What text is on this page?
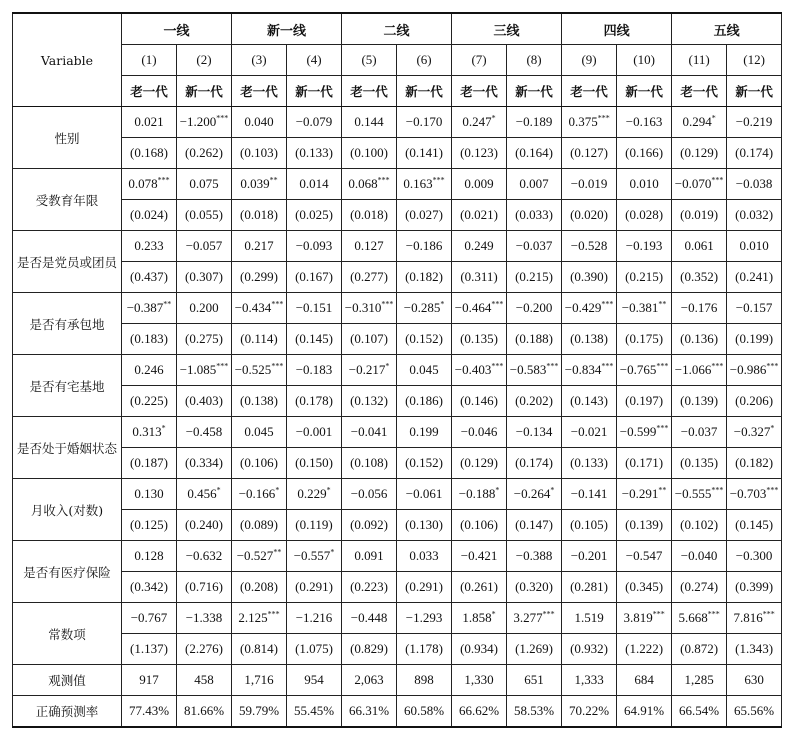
Variable	一线		新一线		二线		三线		四线		五线	
	(1)	(2)	(3)	(4)	(5)	(6)	(7)	(8)	(9)	(10)	(11)	(12)
	老一代	新一代	老一代	新一代	老一代	新一代	老一代	新一代	老一代	新一代	老一代	新一代
性别	0.021	−1.200***	0.040	−0.079	0.144	−0.170	0.247*	−0.189	0.375***	−0.163	0.294*	−0.219
	(0.168)	(0.262)	(0.103)	(0.133)	(0.100)	(0.141)	(0.123)	(0.164)	(0.127)	(0.166)	(0.129)	(0.174)
受教育年限	0.078***	0.075	0.039**	0.014	0.068***	0.163***	0.009	0.007	−0.019	0.010	−0.070***	−0.038
	(0.024)	(0.055)	(0.018)	(0.025)	(0.018)	(0.027)	(0.021)	(0.033)	(0.020)	(0.028)	(0.019)	(0.032)
是否是党员或团员	0.233	−0.057	0.217	−0.093	0.127	−0.186	0.249	−0.037	−0.528	−0.193	0.061	0.010
	(0.437)	(0.307)	(0.299)	(0.167)	(0.277)	(0.182)	(0.311)	(0.215)	(0.390)	(0.215)	(0.352)	(0.241)
是否有承包地	−0.387**	0.200	−0.434***	−0.151	−0.310***	−0.285*	−0.464***	−0.200	−0.429***	−0.381**	−0.176	−0.157
	(0.183)	(0.275)	(0.114)	(0.145)	(0.107)	(0.152)	(0.135)	(0.188)	(0.138)	(0.175)	(0.136)	(0.199)
是否有宅基地	0.246	−1.085***	−0.525***	−0.183	−0.217*	0.045	−0.403***	−0.583***	−0.834***	−0.765***	−1.066***	−0.986***
	(0.225)	(0.403)	(0.138)	(0.178)	(0.132)	(0.186)	(0.146)	(0.202)	(0.143)	(0.197)	(0.139)	(0.206)
是否处于婚姻状态	0.313*	−0.458	0.045	−0.001	−0.041	0.199	−0.046	−0.134	−0.021	−0.599***	−0.037	−0.327*
	(0.187)	(0.334)	(0.106)	(0.150)	(0.108)	(0.152)	(0.129)	(0.174)	(0.133)	(0.171)	(0.135)	(0.182)
月收入(对数)	0.130	0.456*	−0.166*	0.229*	−0.056	−0.061	−0.188*	−0.264*	−0.141	−0.291**	−0.555***	−0.703***
	(0.125)	(0.240)	(0.089)	(0.119)	(0.092)	(0.130)	(0.106)	(0.147)	(0.105)	(0.139)	(0.102)	(0.145)
是否有医疗保险	0.128	−0.632	−0.527**	−0.557*	0.091	0.033	−0.421	−0.388	−0.201	−0.547	−0.040	−0.300
	(0.342)	(0.716)	(0.208)	(0.291)	(0.223)	(0.291)	(0.261)	(0.320)	(0.281)	(0.345)	(0.274)	(0.399)
常数项	−0.767	−1.338	2.125***	−1.216	−0.448	−1.293	1.858*	3.277***	1.519	3.819***	5.668***	7.816***
	(1.137)	(2.276)	(0.814)	(1.075)	(0.829)	(1.178)	(0.934)	(1.269)	(0.932)	(1.222)	(0.872)	(1.343)
观测值	917	458	1,716	954	2,063	898	1,330	651	1,333	684	1,285	630
正确预测率	77.43%	81.66%	59.79%	55.45%	66.31%	60.58%	66.62%	58.53%	70.22%	64.91%	66.54%	65.56%
